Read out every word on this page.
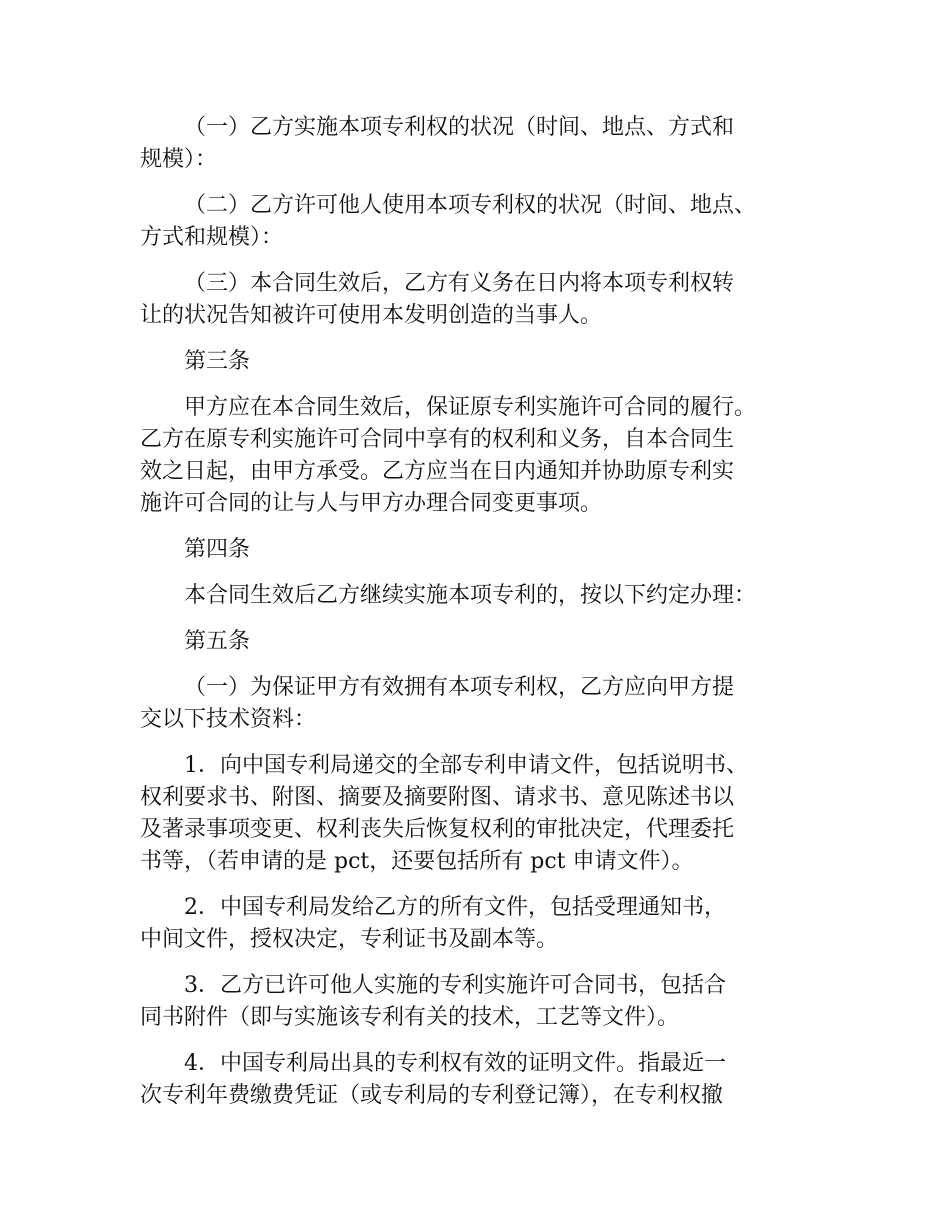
（一）乙方实施本项专利权的状况（时间、地点、方式和
规模）：

（二）乙方许可他人使用本项专利权的状况（时间、地点、
方式和规模）：

（三）本合同生效后，乙方有义务在日内将本项专利权转
让的状况告知被许可使用本发明创造的当事人。

第三条

甲方应在本合同生效后，保证原专利实施许可合同的履行。
乙方在原专利实施许可合同中享有的权利和义务，自本合同生
效之日起，由甲方承受。乙方应当在日内通知并协助原专利实
施许可合同的让与人与甲方办理合同变更事项。

第四条

本合同生效后乙方继续实施本项专利的，按以下约定办理：

第五条

（一）为保证甲方有效拥有本项专利权，乙方应向甲方提
交以下技术资料：

1．向中国专利局递交的全部专利申请文件，包括说明书、
权利要求书、附图、摘要及摘要附图、请求书、意见陈述书以
及著录事项变更、权利丧失后恢复权利的审批决定，代理委托
书等，（若申请的是 pct，还要包括所有 pct 申请文件）。

2．中国专利局发给乙方的所有文件，包括受理通知书，
中间文件，授权决定，专利证书及副本等。

3．乙方已许可他人实施的专利实施许可合同书，包括合
同书附件（即与实施该专利有关的技术，工艺等文件）。

4．中国专利局出具的专利权有效的证明文件。指最近一
次专利年费缴费凭证（或专利局的专利登记簿），在专利权撤
